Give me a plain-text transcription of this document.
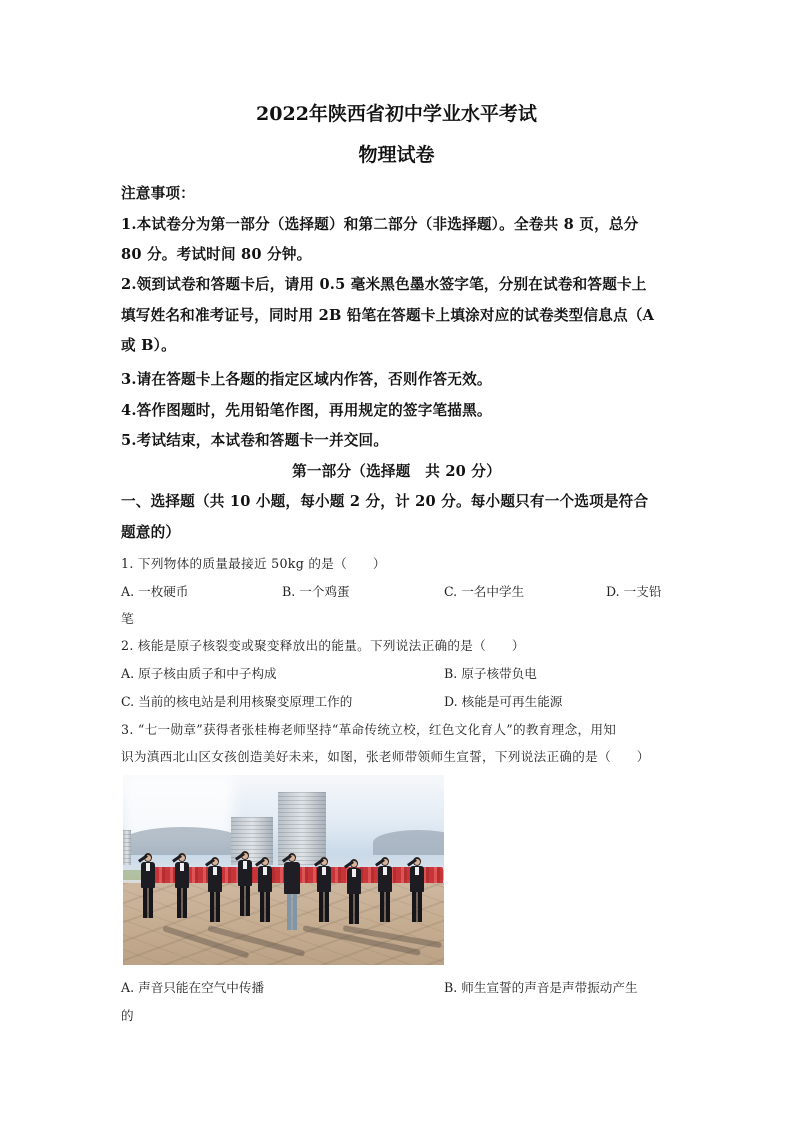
2022年陕西省初中学业水平考试
物理试卷
注意事项：
1.本试卷分为第一部分（选择题）和第二部分（非选择题）。全卷共 8 页，总分
80 分。考试时间 80 分钟。
2.领到试卷和答题卡后，请用 0.5 毫米黑色墨水签字笔，分别在试卷和答题卡上
填写姓名和准考证号，同时用 2B 铅笔在答题卡上填涂对应的试卷类型信息点（A
或 B）。
3.请在答题卡上各题的指定区域内作答，否则作答无效。
4.答作图题时，先用铅笔作图，再用规定的签字笔描黑。
5.考试结束，本试卷和答题卡一并交回。
第一部分（选择题　共 20 分）
一、选择题（共 10 小题，每小题 2 分，计 20 分。每小题只有一个选项是符合
题意的）
1. 下列物体的质量最接近 50kg 的是（　　）
A. 一枚硬币	B. 一个鸡蛋	C. 一名中学生	D. 一支铅
笔
2. 核能是原子核裂变或聚变释放出的能量。下列说法正确的是（　　）
A. 原子核由质子和中子构成	B. 原子核带负电
C. 当前的核电站是利用核聚变原理工作的	D. 核能是可再生能源
3. “七一勋章”获得者张桂梅老师坚持“革命传统立校，红色文化育人”的教育理念，用知
识为滇西北山区女孩创造美好未来，如图，张老师带领师生宣誓，下列说法正确的是（　　）
A. 声音只能在空气中传播	B. 师生宣誓的声音是声带振动产生
的
